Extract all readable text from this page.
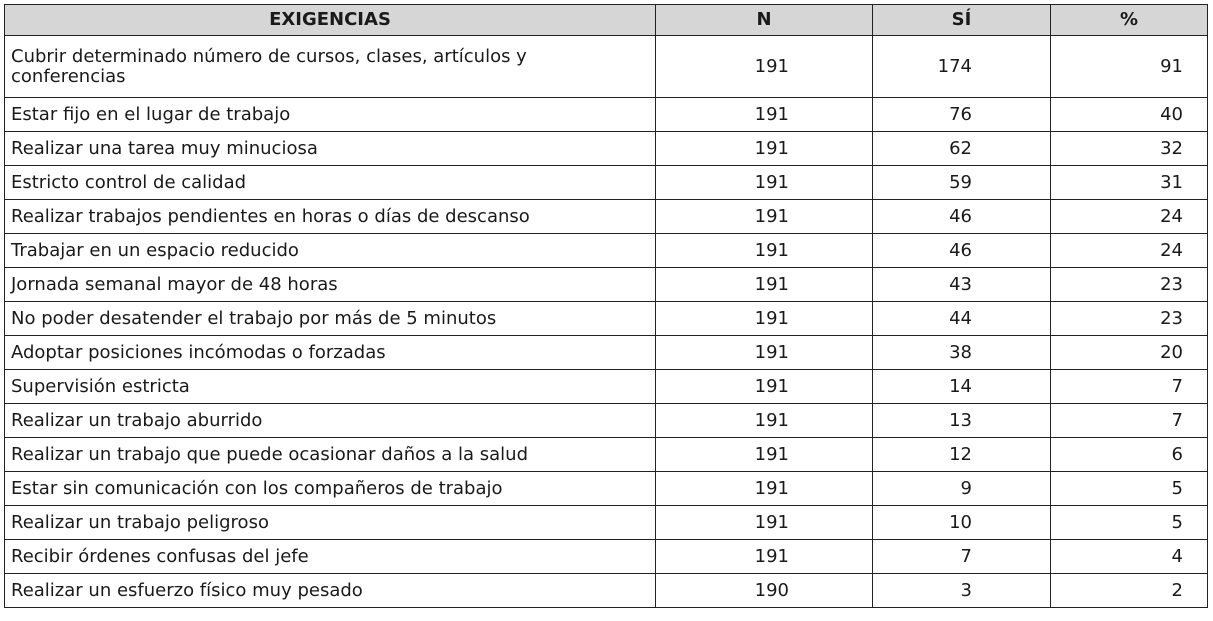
EXIGENCIAS	N	SÍ	%
Cubrir determinado número de cursos, clases, artículos y conferencias	191	174	91
Estar fijo en el lugar de trabajo	191	76	40
Realizar una tarea muy minuciosa	191	62	32
Estricto control de calidad	191	59	31
Realizar trabajos pendientes en horas o días de descanso	191	46	24
Trabajar en un espacio reducido	191	46	24
Jornada semanal mayor de 48 horas	191	43	23
No poder desatender el trabajo por más de 5 minutos	191	44	23
Adoptar posiciones incómodas o forzadas	191	38	20
Supervisión estricta	191	14	7
Realizar un trabajo aburrido	191	13	7
Realizar un trabajo que puede ocasionar daños a la salud	191	12	6
Estar sin comunicación con los compañeros de trabajo	191	9	5
Realizar un trabajo peligroso	191	10	5
Recibir órdenes confusas del jefe	191	7	4
Realizar un esfuerzo físico muy pesado	190	3	2
